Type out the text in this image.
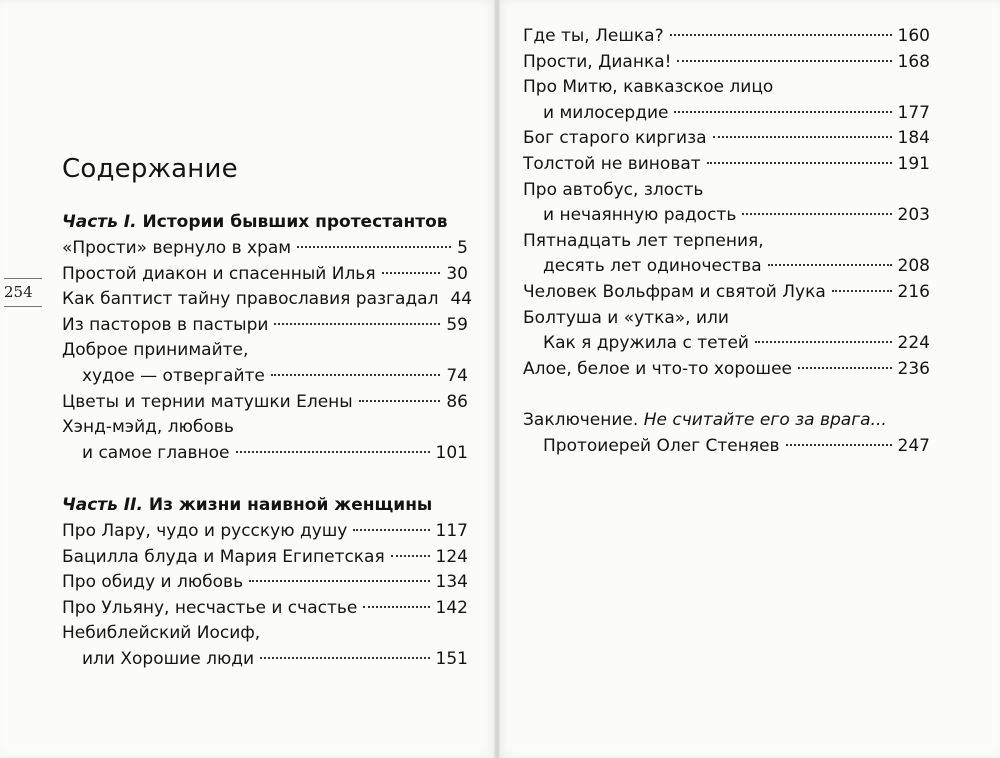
254
Содержание
Часть I. Истории бывших протестантов
«Прости» вернуло в храм	5
Простой диакон и спасенный Илья	30
Как баптист тайну православия разгадал 44
Из пасторов в пастыри	59
Доброе принимайте,
худое — отвергайте	74
Цветы и тернии матушки Елены	86
Хэнд-мэйд, любовь
и самое главное	101
Часть II. Из жизни наивной женщины
Про Лару, чудо и русскую душу	117
Бацилла блуда и Мария Египетская	124
Про обиду и любовь	134
Про Ульяну, несчастье и счастье	142
Небиблейский Иосиф,
или Хорошие люди	151
Где ты, Лешка?	160
Прости, Дианка!	168
Про Митю, кавказское лицо
и милосердие	177
Бог старого киргиза	184
Толстой не виноват	191
Про автобус, злость
и нечаянную радость	203
Пятнадцать лет терпения,
десять лет одиночества	208
Человек Вольфрам и святой Лука	216
Болтуша и «утка», или
Как я дружила с тетей	224
Алое, белое и что-то хорошее	236
Заключение. Не считайте его за врага...
Протоиерей Олег Стеняев	247
